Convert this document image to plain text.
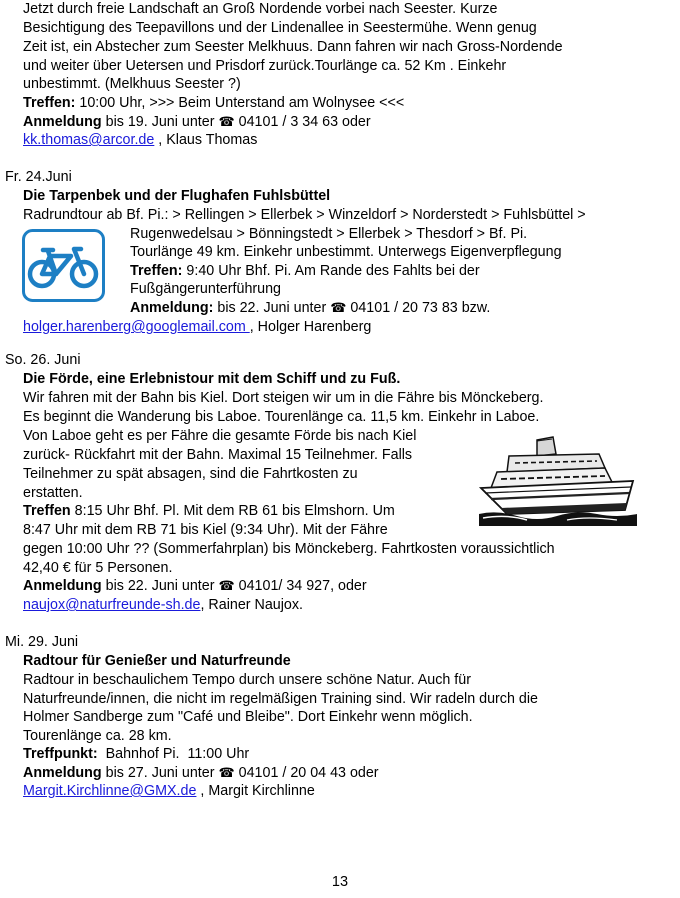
Jetzt durch freie Landschaft an Groß Nordende vorbei nach Seester. Kurze
Besichtigung des Teepavillons und der Lindenallee in Seestermühe. Wenn genug
Zeit ist, ein Abstecher zum Seester Melkhuus. Dann fahren wir nach Gross-Nordende
und weiter über Uetersen und Prisdorf zurück.Tourlänge ca. 52 Km . Einkehr
unbestimmt. (Melkhuus Seester ?)
Treffen: 10:00 Uhr, >>> Beim Unterstand am Wolnysee <<<
Anmeldung bis 19. Juni unter ☎ 04101 / 3 34 63 oder
kk.thomas@arcor.de , Klaus Thomas
Fr. 24.Juni
Die Tarpenbek und der Flughafen Fuhlsbüttel
Radrundtour ab Bf. Pi.: > Rellingen > Ellerbek > Winzeldorf > Norderstedt > Fuhlsbüttel >
Rugenwedelsau > Bönningstedt > Ellerbek > Thesdorf > Bf. Pi.
Tourlänge 49 km. Einkehr unbestimmt. Unterwegs Eigenverpflegung
Treffen: 9:40 Uhr Bhf. Pi. Am Rande des Fahlts bei der
Fußgängerunterführung
Anmeldung: bis 22. Juni unter ☎ 04101 / 20 73 83 bzw.
holger.harenberg@googlemail.com , Holger Harenberg
So. 26. Juni
Die Förde, eine Erlebnistour mit dem Schiff und zu Fuß.
Wir fahren mit der Bahn bis Kiel. Dort steigen wir um in die Fähre bis Mönckeberg.
Es beginnt die Wanderung bis Laboe. Tourenlänge ca. 11,5 km. Einkehr in Laboe.
Von Laboe geht es per Fähre die gesamte Förde bis nach Kiel
zurück- Rückfahrt mit der Bahn. Maximal 15 Teilnehmer. Falls
Teilnehmer zu spät absagen, sind die Fahrtkosten zu
erstatten.
Treffen 8:15 Uhr Bhf. Pl. Mit dem RB 61 bis Elmshorn. Um
8:47 Uhr mit dem RB 71 bis Kiel (9:34 Uhr). Mit der Fähre
gegen 10:00 Uhr ?? (Sommerfahrplan) bis Mönckeberg. Fahrtkosten voraussichtlich
42,40 € für 5 Personen.
Anmeldung bis 22. Juni unter ☎ 04101/ 34 927, oder
naujox@naturfreunde-sh.de, Rainer Naujox.
Mi. 29. Juni
Radtour für Genießer und Naturfreunde
Radtour in beschaulichem Tempo durch unsere schöne Natur. Auch für
Naturfreunde/innen, die nicht im regelmäßigen Training sind. Wir radeln durch die
Holmer Sandberge zum "Café und Bleibe". Dort Einkehr wenn möglich.
Tourenlänge ca. 28 km.
Treffpunkt:  Bahnhof Pi.  11:00 Uhr
Anmeldung bis 27. Juni unter ☎ 04101 / 20 04 43 oder
Margit.Kirchlinne@GMX.de , Margit Kirchlinne
13
